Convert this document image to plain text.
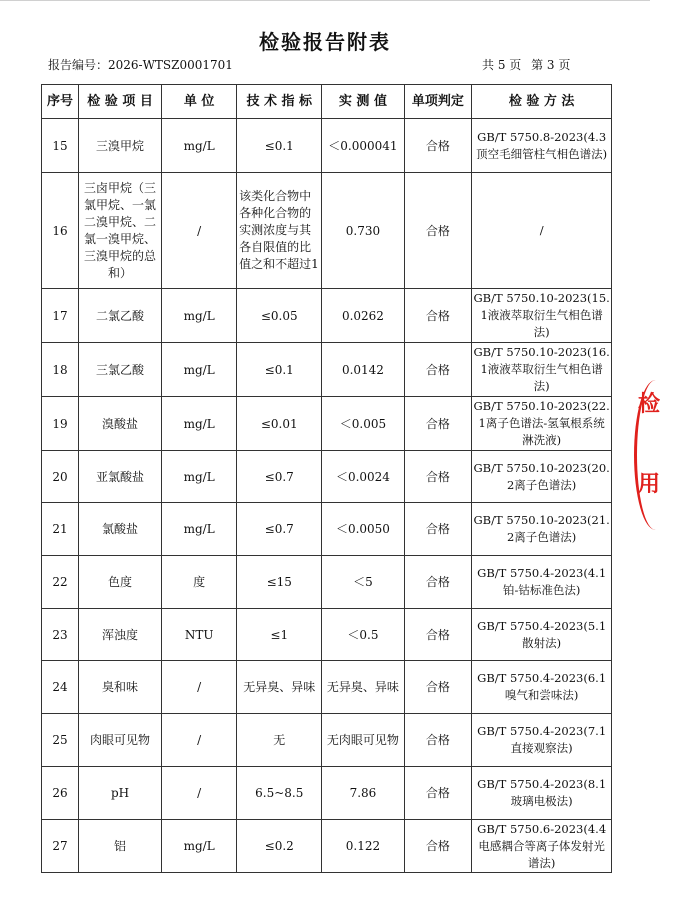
检验报告附表
报告编号：2026-WTSZ0001701	共 5 页 第 3 页
序号	检 验 项 目	单 位	技 术 指 标	实 测 值	单项判定	检 验 方 法
15	三溴甲烷	mg/L	≤0.1	＜0.000041	合格	GB/T 5750.8-2023(4.3顶空毛细管柱气相色谱法)
16	三卤甲烷（三氯甲烷、一氯二溴甲烷、二氯一溴甲烷、三溴甲烷的总和）	/	该类化合物中各种化合物的实测浓度与其各自限值的比值之和不超过1	0.730	合格	/
17	二氯乙酸	mg/L	≤0.05	0.0262	合格	GB/T 5750.10-2023(15.1液液萃取衍生气相色谱法)
18	三氯乙酸	mg/L	≤0.1	0.0142	合格	GB/T 5750.10-2023(16.1液液萃取衍生气相色谱法)
19	溴酸盐	mg/L	≤0.01	＜0.005	合格	GB/T 5750.10-2023(22.1离子色谱法-氢氧根系统淋洗液)
20	亚氯酸盐	mg/L	≤0.7	＜0.0024	合格	GB/T 5750.10-2023(20.2离子色谱法)
21	氯酸盐	mg/L	≤0.7	＜0.0050	合格	GB/T 5750.10-2023(21.2离子色谱法)
22	色度	度	≤15	＜5	合格	GB/T 5750.4-2023(4.1铂-钴标准色法)
23	浑浊度	NTU	≤1	＜0.5	合格	GB/T 5750.4-2023(5.1散射法)
24	臭和味	/	无异臭、异味	无异臭、异味	合格	GB/T 5750.4-2023(6.1嗅气和尝味法)
25	肉眼可见物	/	无	无肉眼可见物	合格	GB/T 5750.4-2023(7.1直接观察法)
26	pH	/	6.5~8.5	7.86	合格	GB/T 5750.4-2023(8.1玻璃电极法)
27	铝	mg/L	≤0.2	0.122	合格	GB/T 5750.6-2023(4.4电感耦合等离子体发射光谱法)
检
用
